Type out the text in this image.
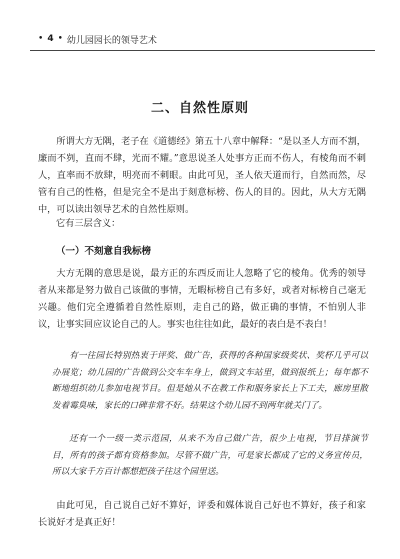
• 4 • 幼儿园园长的领导艺术
二、自然性原则
所谓大方无隅，老子在《道德经》第五十八章中解释：“是以圣人方而不割，廉而不刿，直而不肆，光而不耀。”意思说圣人处事方正而不伤人，有棱角而不刺人，直率而不放肆，明亮而不刺眼。由此可见，圣人依天道而行，自然而然，尽管有自己的性格，但是完全不是出于刻意标榜、伤人的目的。因此，从大方无隅中，可以读出领导艺术的自然性原则。
它有三层含义：
（一）不刻意自我标榜
大方无隅的意思是说，最方正的东西反而让人忽略了它的棱角。优秀的领导者从来都是努力做自己该做的事情，无暇标榜自己有多好，或者对标榜自己毫无兴趣。他们完全遵循着自然性原则，走自己的路，做正确的事情，不怕别人非议，让事实回应议论自己的人。事实也往往如此，最好的表白是不表白！
有一往园长特别热衷于评奖、做广告，获得的各种国家级奖状、奖杯几乎可以办展览；幼儿园的广告做到公交车车身上，做到文车站里，做到报纸上；每年都不断地组织幼儿参加电视节目。但是她从不在教工作和服务家长上下工夫，廊房里散发着霉臭味，家长的口碑非常不好。结果这个幼儿园不到两年就关门了。
还有一个一级一类示范园，从来不为自己做广告，很少上电视，节目排演节目，所有的孩子都有资格参加。尽管不做广告，可是家长都成了它的义务宣传员，所以大家千方百计都想把孩子往这个园里送。
由此可见，自己说自己好不算好，评委和媒体说自己好也不算好，孩子和家长说好才是真正好！
